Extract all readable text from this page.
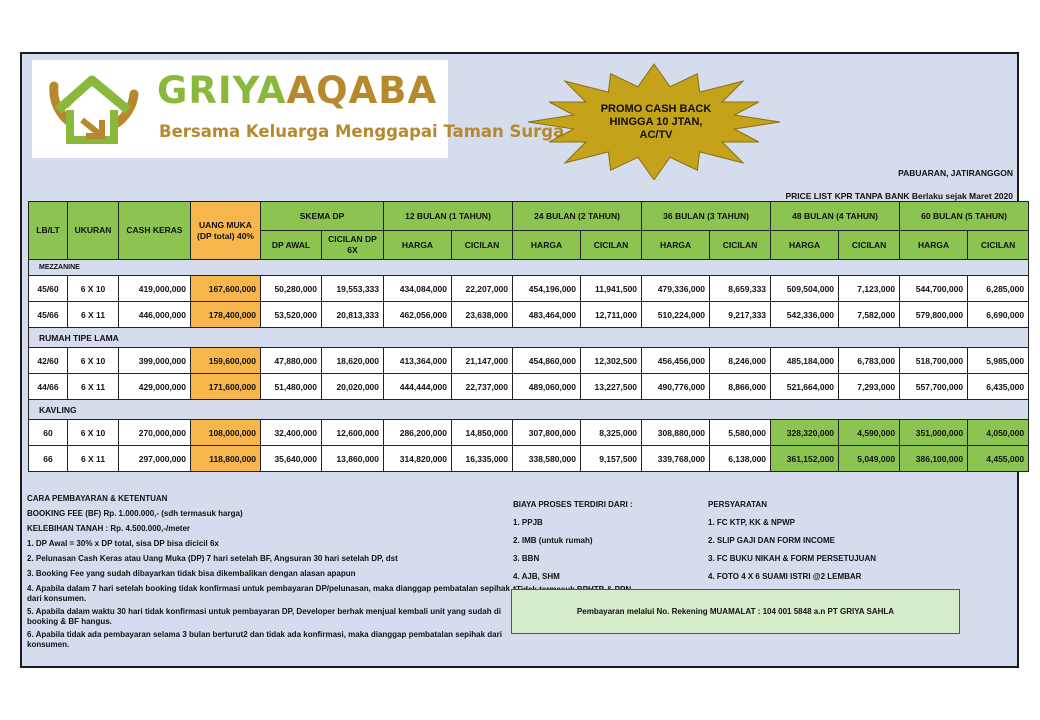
GRIYAAQABA
Bersama Keluarga Menggapai Taman Surga
PROMO CASH BACK
HINGGA 10 JTAN,
AC/TV
PABUARAN, JATIRANGGON
PRICE LIST KPR TANPA BANK Berlaku sejak Maret 2020
LB/LT	UKURAN	CASH KERAS	UANG MUKA (DP total) 40%	SKEMA DP		12 BULAN (1 TAHUN)		24 BULAN (2 TAHUN)		36 BULAN (3 TAHUN)		48 BULAN (4 TAHUN)		60 BULAN (5 TAHUN)	
				DP AWAL	CICILAN DP 6X	HARGA	CICILAN	HARGA	CICILAN	HARGA	CICILAN	HARGA	CICILAN	HARGA	CICILAN
MEZZANINE															
45/60	6 X 10	419,000,000	167,600,000	50,280,000	19,553,333	434,084,000	22,207,000	454,196,000	11,941,500	479,336,000	8,659,333	509,504,000	7,123,000	544,700,000	6,285,000
45/66	6 X 11	446,000,000	178,400,000	53,520,000	20,813,333	462,056,000	23,638,000	483,464,000	12,711,000	510,224,000	9,217,333	542,336,000	7,582,000	579,800,000	6,690,000
RUMAH TIPE LAMA															
42/60	6 X 10	399,000,000	159,600,000	47,880,000	18,620,000	413,364,000	21,147,000	454,860,000	12,302,500	456,456,000	8,246,000	485,184,000	6,783,000	518,700,000	5,985,000
44/66	6 X 11	429,000,000	171,600,000	51,480,000	20,020,000	444,444,000	22,737,000	489,060,000	13,227,500	490,776,000	8,866,000	521,664,000	7,293,000	557,700,000	6,435,000
KAVLING															
60	6 X 10	270,000,000	108,000,000	32,400,000	12,600,000	286,200,000	14,850,000	307,800,000	8,325,000	308,880,000	5,580,000	328,320,000	4,590,000	351,000,000	4,050,000
66	6 X 11	297,000,000	118,800,000	35,640,000	13,860,000	314,820,000	16,335,000	338,580,000	9,157,500	339,768,000	6,138,000	361,152,000	5,049,000	386,100,000	4,455,000
CARA PEMBAYARAN & KETENTUAN
BOOKING FEE (BF) Rp. 1.000.000,- (sdh termasuk harga)
KELEBIHAN TANAH : Rp. 4.500.000,-/meter
1. DP Awal = 30% x DP total, sisa DP bisa dicicil 6x
2. Pelunasan Cash Keras atau Uang Muka (DP) 7 hari setelah BF, Angsuran 30 hari setelah DP, dst
3. Booking Fee yang sudah dibayarkan tidak bisa dikembalikan dengan alasan apapun
4. Apabila dalam 7 hari setelah booking tidak konfirmasi untuk pembayaran DP/pelunasan, maka dianggap pembatalan sepihak dari konsumen.
5. Apabila dalam waktu 30 hari tidak konfirmasi untuk pembayaran DP, Developer berhak menjual kembali unit yang sudah di booking & BF hangus.
6. Apabila tidak ada pembayaran selama 3 bulan berturut2 dan tidak ada konfirmasi, maka dianggap pembatalan sepihak dari konsumen.
BIAYA PROSES TERDIRI DARI :
1. PPJB
2. IMB (untuk rumah)
3. BBN
4. AJB, SHM
PERSYARATAN
1. FC KTP, KK & NPWP
2. SLIP GAJI DAN FORM INCOME
3. FC BUKU NIKAH & FORM PERSETUJUAN
4. FOTO 4 X 6 SUAMI ISTRI @2 LEMBAR
Pembayaran melalui No. Rekening MUAMALAT : 104 001 5848 a.n PT GRIYA SAHLA
